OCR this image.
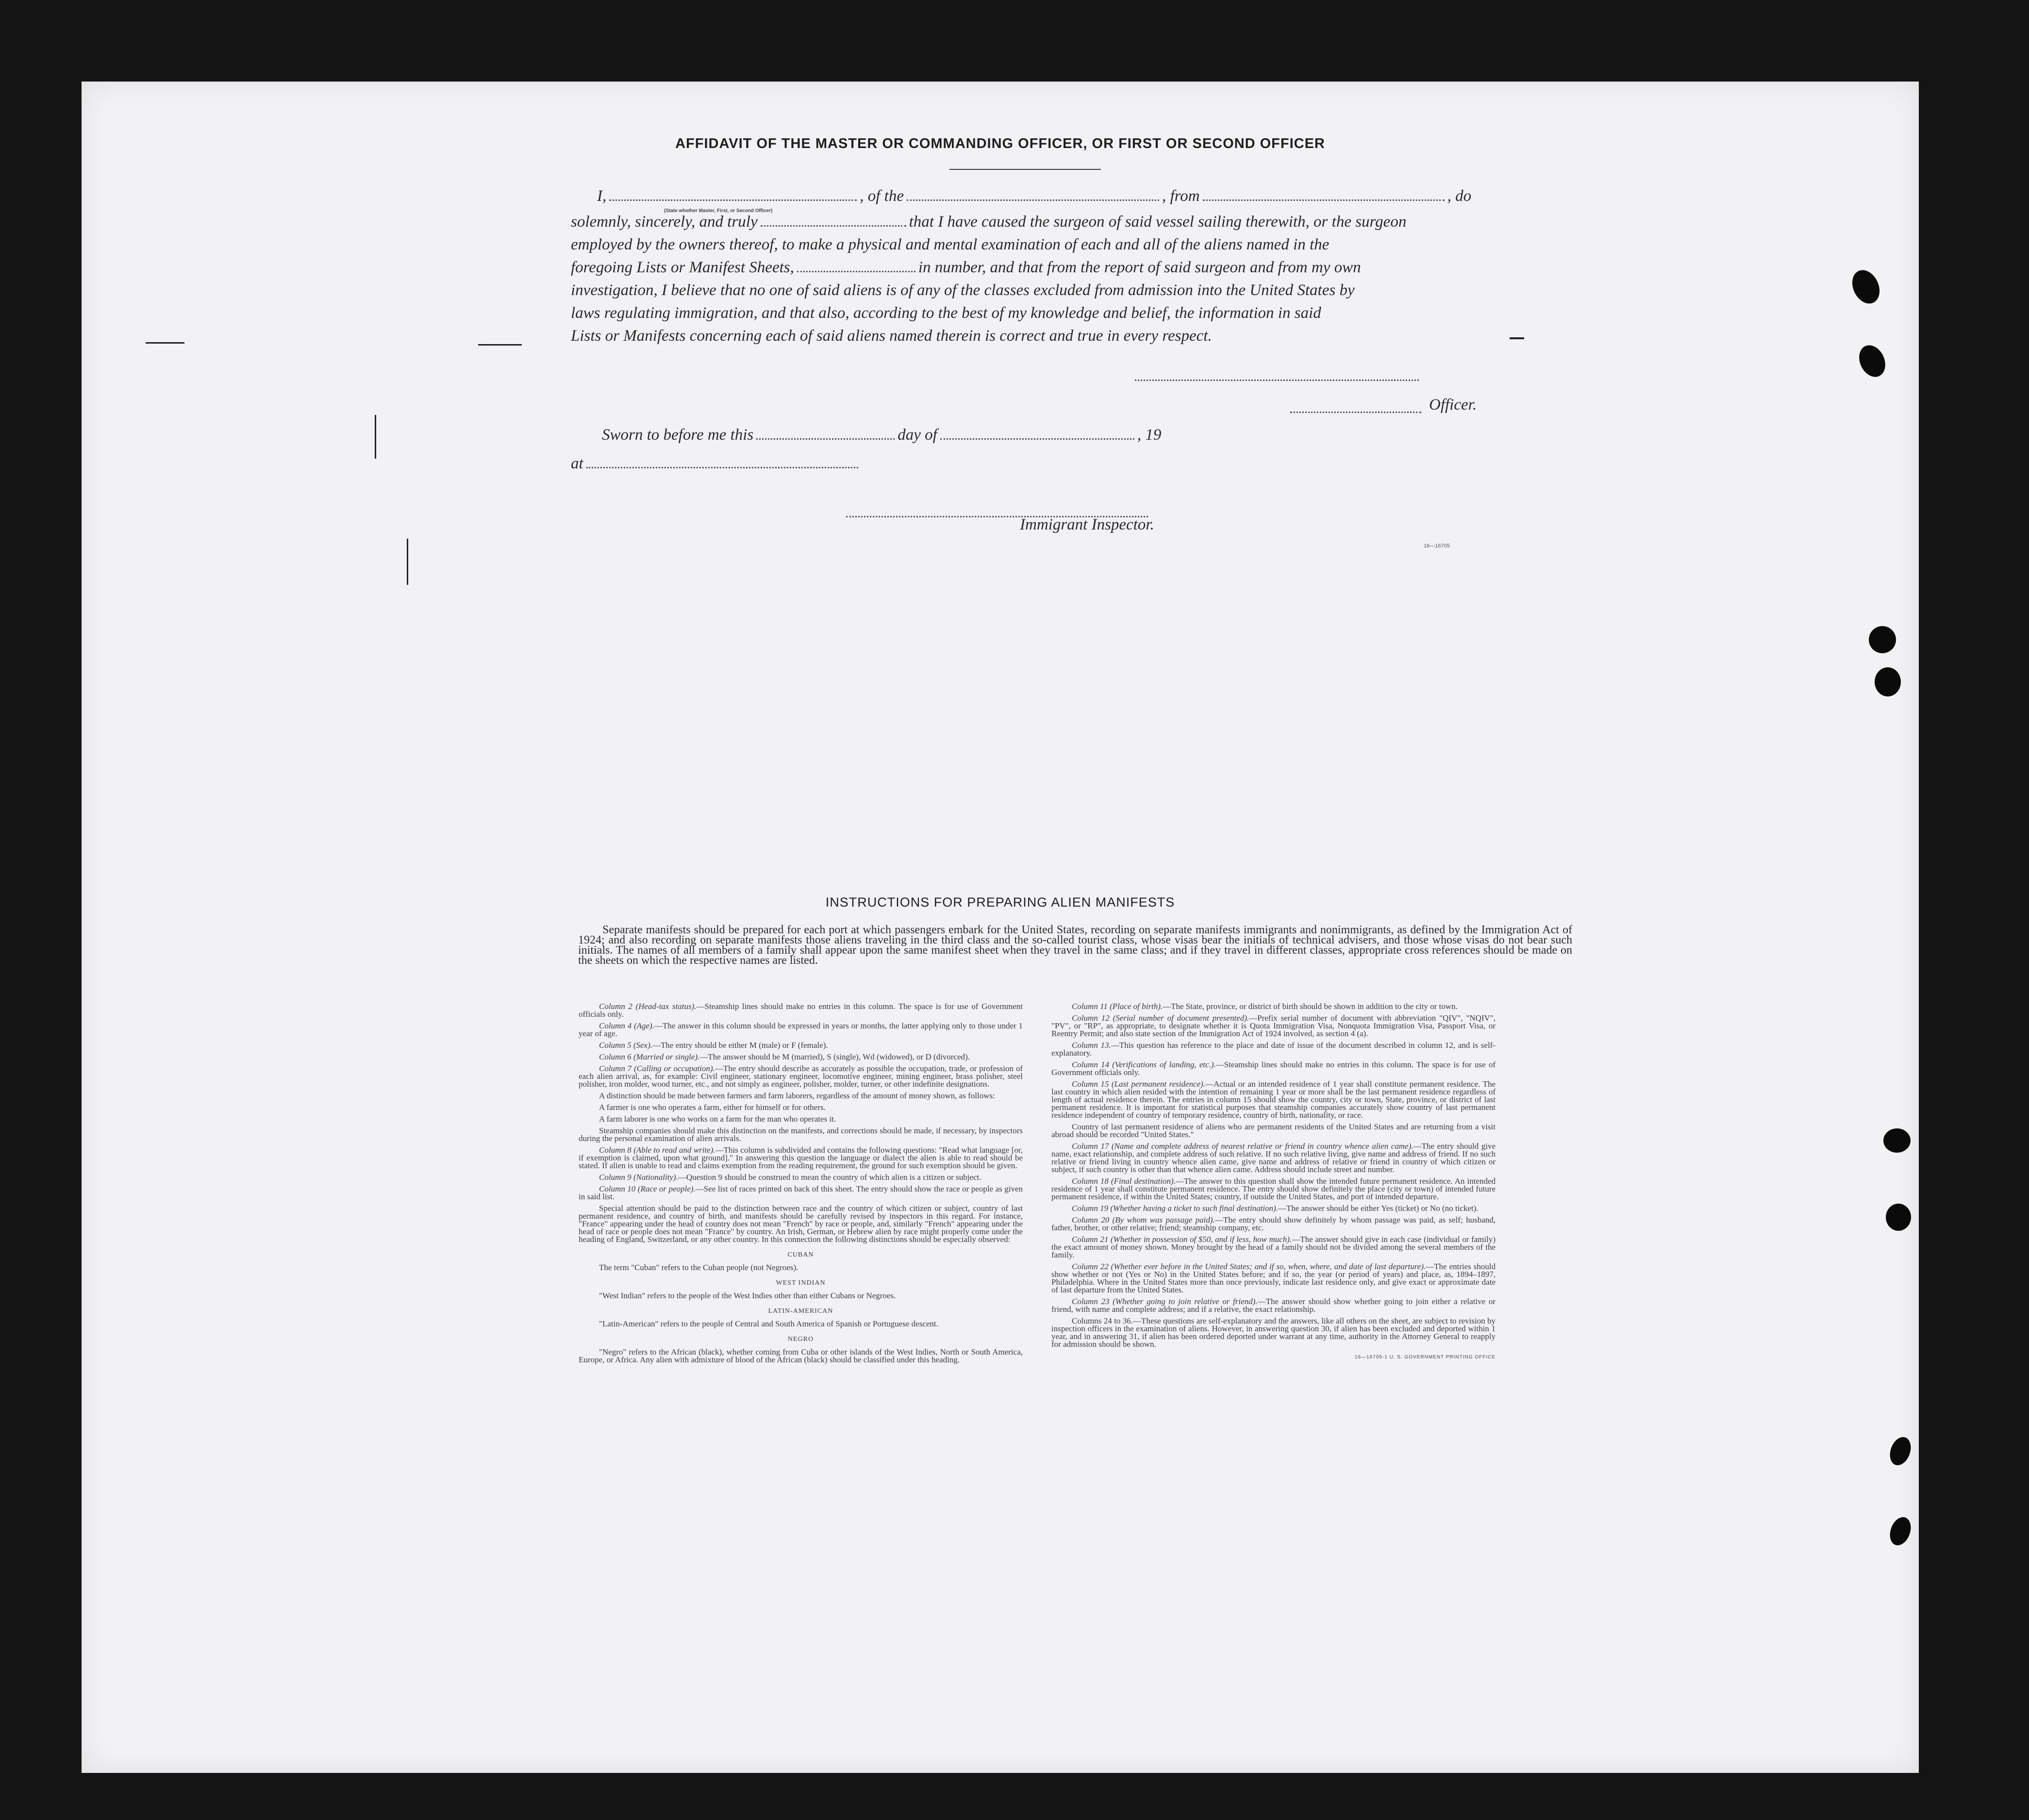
AFFIDAVIT OF THE MASTER OR COMMANDING OFFICER, OR FIRST OR SECOND OFFICER
I,	, of the	, from	, do
(State whether Master, First, or Second Officer)
solemnly, sincerely, and truly	that I have caused the surgeon of said vessel sailing therewith, or the surgeon
employed by the owners thereof, to make a physical and mental examination of each and all of the aliens named in the
foregoing Lists or Manifest Sheets,	in number, and that from the report of said surgeon and from my own
investigation, I believe that no one of said aliens is of any of the classes excluded from admission into the United States by
laws regulating immigration, and that also, according to the best of my knowledge and belief, the information in said
Lists or Manifests concerning each of said aliens named therein is correct and true in every respect.
Officer.
Sworn to before me this	day of	, 19
at
Immigrant Inspector.
16—16705
INSTRUCTIONS FOR PREPARING ALIEN MANIFESTS
Separate manifests should be prepared for each port at which passengers embark for the United States, recording on separate manifests immigrants and nonimmigrants, as defined by the Immigration Act of 1924; and also recording on separate manifests those aliens traveling in the third class and the so-called tourist class, whose visas bear the initials of technical advisers, and those whose visas do not bear such initials. The names of all members of a family shall appear upon the same manifest sheet when they travel in the same class; and if they travel in different classes, appropriate cross references should be made on the sheets on which the respective names are listed.

Column 2 (Head-tax status).—Steamship lines should make no entries in this column. The space is for use of Government officials only.

Column 4 (Age).—The answer in this column should be expressed in years or months, the latter applying only to those under 1 year of age.

Column 5 (Sex).—The entry should be either M (male) or F (female).

Column 6 (Married or single).—The answer should be M (married), S (single), Wd (widowed), or D (divorced).

Column 7 (Calling or occupation).—The entry should describe as accurately as possible the occupation, trade, or profession of each alien arrival, as, for example: Civil engineer, stationary engineer, locomotive engineer, mining engineer, brass polisher, steel polisher, iron molder, wood turner, etc., and not simply as engineer, polisher, molder, turner, or other indefinite designations.

A distinction should be made between farmers and farm laborers, regardless of the amount of money shown, as follows:

A farmer is one who operates a farm, either for himself or for others.

A farm laborer is one who works on a farm for the man who operates it.

Steamship companies should make this distinction on the manifests, and corrections should be made, if necessary, by inspectors during the personal examination of alien arrivals.

Column 8 (Able to read and write).—This column is subdivided and contains the following questions: "Read what language [or, if exemption is claimed, upon what ground]." In answering this question the language or dialect the alien is able to read should be stated. If alien is unable to read and claims exemption from the reading requirement, the ground for such exemption should be given.

Column 9 (Nationality).—Question 9 should be construed to mean the country of which alien is a citizen or subject.

Column 10 (Race or people).—See list of races printed on back of this sheet. The entry should show the race or people as given in said list.

Special attention should be paid to the distinction between race and the country of which citizen or subject, country of last permanent residence, and country of birth, and manifests should be carefully revised by inspectors in this regard. For instance, "France" appearing under the head of country does not mean "French" by race or people, and, similarly "French" appearing under the head of race or people does not mean "France" by country. An Irish, German, or Hebrew alien by race might properly come under the heading of England, Switzerland, or any other country. In this connection the following distinctions should be especially observed:

CUBAN

The term "Cuban" refers to the Cuban people (not Negroes).

WEST INDIAN

"West Indian" refers to the people of the West Indies other than either Cubans or Negroes.

LATIN-AMERICAN

"Latin-American" refers to the people of Central and South America of Spanish or Portuguese descent.

NEGRO

"Negro" refers to the African (black), whether coming from Cuba or other islands of the West Indies, North or South America, Europe, or Africa. Any alien with admixture of blood of the African (black) should be classified under this heading.

Column 11 (Place of birth).—The State, province, or district of birth should be shown in addition to the city or town.

Column 12 (Serial number of document presented).—Prefix serial number of document with abbreviation "QIV", "NQIV", "PV", or "RP", as appropriate, to designate whether it is Quota Immigration Visa, Nonquota Immigration Visa, Passport Visa, or Reentry Permit; and also state section of the Immigration Act of 1924 involved, as section 4 (a).

Column 13.—This question has reference to the place and date of issue of the document described in column 12, and is self-explanatory.

Column 14 (Verifications of landing, etc.).—Steamship lines should make no entries in this column. The space is for use of Government officials only.

Column 15 (Last permanent residence).—Actual or an intended residence of 1 year shall constitute permanent residence. The last country in which alien resided with the intention of remaining 1 year or more shall be the last permanent residence regardless of length of actual residence therein. The entries in column 15 should show the country, city or town, State, province, or district of last permanent residence. It is important for statistical purposes that steamship companies accurately show country of last permanent residence independent of country of temporary residence, country of birth, nationality, or race.

Country of last permanent residence of aliens who are permanent residents of the United States and are returning from a visit abroad should be recorded "United States."

Column 17 (Name and complete address of nearest relative or friend in country whence alien came).—The entry should give name, exact relationship, and complete address of such relative. If no such relative living, give name and address of friend. If no such relative or friend living in country whence alien came, give name and address of relative or friend in country of which citizen or subject, if such country is other than that whence alien came. Address should include street and number.

Column 18 (Final destination).—The answer to this question shall show the intended future permanent residence. An intended residence of 1 year shall constitute permanent residence. The entry should show definitely the place (city or town) of intended future permanent residence, if within the United States; country, if outside the United States, and port of intended departure.

Column 19 (Whether having a ticket to such final destination).—The answer should be either Yes (ticket) or No (no ticket).

Column 20 (By whom was passage paid).—The entry should show definitely by whom passage was paid, as self; husband, father, brother, or other relative; friend; steamship company, etc.

Column 21 (Whether in possession of $50, and if less, how much).—The answer should give in each case (individual or family) the exact amount of money shown. Money brought by the head of a family should not be divided among the several members of the family.

Column 22 (Whether ever before in the United States; and if so, when, where, and date of last departure).—The entries should show whether or not (Yes or No) in the United States before; and if so, the year (or period of years) and place, as, 1894–1897, Philadelphia. Where in the United States more than once previously, indicate last residence only, and give exact or approximate date of last departure from the United States.

Column 23 (Whether going to join relative or friend).—The answer should show whether going to join either a relative or friend, with name and complete address; and if a relative, the exact relationship.

Columns 24 to 36.—These questions are self-explanatory and the answers, like all others on the sheet, are subject to revision by inspection officers in the examination of aliens. However, in answering question 30, if alien has been excluded and deported within 1 year, and in answering 31, if alien has been ordered deported under warrant at any time, authority in the Attorney General to reapply for admission should be shown.

16—16705-1 U. S. GOVERNMENT PRINTING OFFICE
